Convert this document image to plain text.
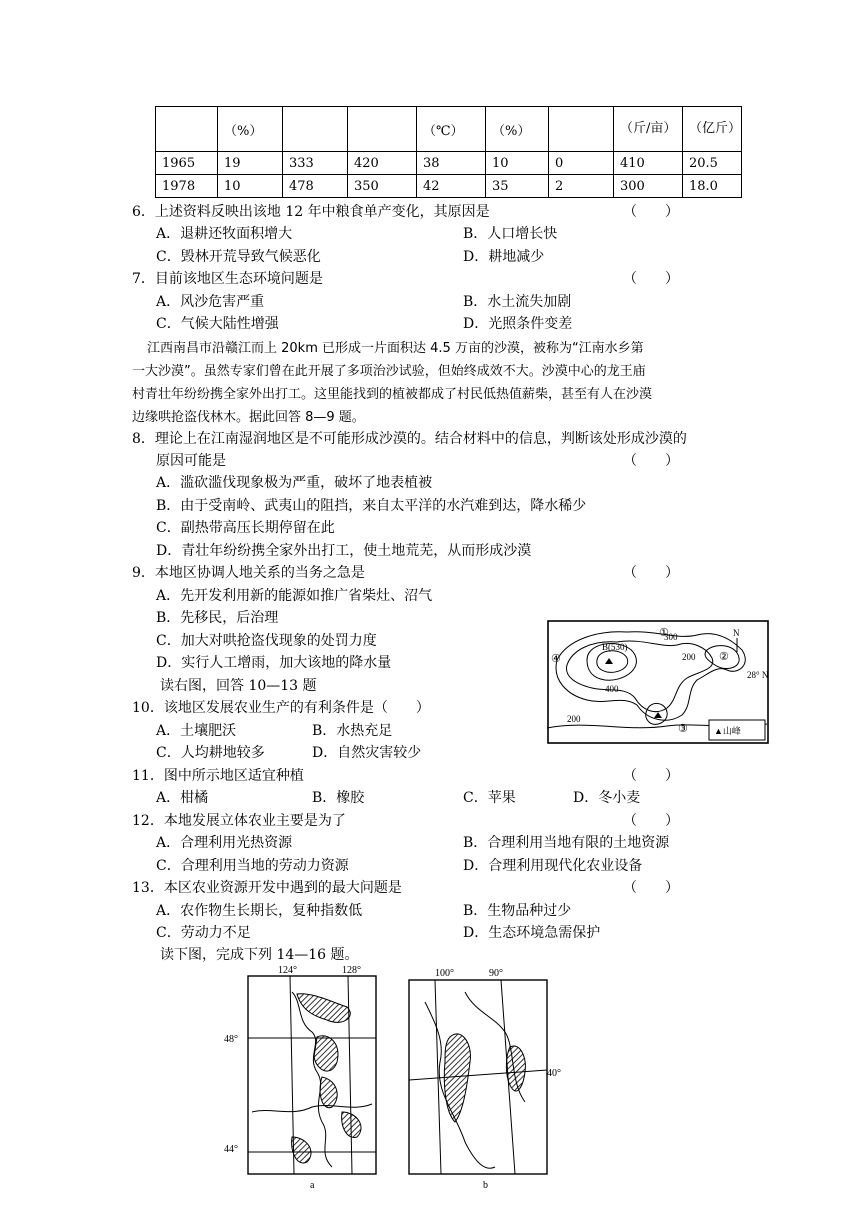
	（%）			（℃）	（%）		（斤/亩）	（亿斤）
1965	19	333	420	38	10	0	410	20.5
1978	10	478	350	42	35	2	300	18.0
6．上述资料反映出该地 12 年中粮食单产变化，其原因是	（　　）
A．退耕还牧面积增大	B．人口增长快
C．毁林开荒导致气候恶化	D．耕地减少
7．目前该地区生态环境问题是	（　　）
A．风沙危害严重	B．水土流失加剧
C．气候大陆性增强	D．光照条件变差
江西南昌市沿赣江而上 20km 已形成一片面积达 4.5 万亩的沙漠，被称为“江南水乡第
一大沙漠”。虽然专家们曾在此开展了多项治沙试验，但始终成效不大。沙漠中心的龙王庙
村青壮年纷纷携全家外出打工。这里能找到的植被都成了村民低热值薪柴，甚至有人在沙漠
边缘哄抢盗伐林木。据此回答 8—9 题。
8．理论上在江南湿润地区是不可能形成沙漠的。结合材料中的信息，判断该处形成沙漠的
原因可能是	（　　）
A．滥砍滥伐现象极为严重，破坏了地表植被
B．由于受南岭、武夷山的阻挡，来自太平洋的水汽难到达，降水稀少
C．副热带高压长期停留在此
D．青壮年纷纷携全家外出打工，使土地荒芜，从而形成沙漠
9．本地区协调人地关系的当务之急是	（　　）
A．先开发利用新的能源如推广省柴灶、沼气
B．先移民，后治理
C．加大对哄抢盗伐现象的处罚力度
D．实行人工增雨，加大该地的降水量
读右图，回答 10—13 题
10．该地区发展农业生产的有利条件是（　　）
A．土壤肥沃	B．水热充足
C．人均耕地较多	D．自然灾害较少
11．图中所示地区适宜种植	（　　）
A．柑橘	B．橡胶	C．苹果	D．冬小麦
12．本地发展立体农业主要是为了	（　　）
A．合理利用光热资源	B．合理利用当地有限的土地资源
C．合理利用当地的劳动力资源	D．合理利用现代化农业设备
13．本区农业资源开发中遇到的最大问题是	（　　）
A．农作物生长期长，复种指数低	B．生物品种过少
C．劳动力不足	D．生态环境急需保护
读下图，完成下列 14—16 题。
B(530)
300
200
400
200
28° N
N
①
②
③
④
▲山峰
124°	128°
48°
44°
a
100°	90°
40°
b
